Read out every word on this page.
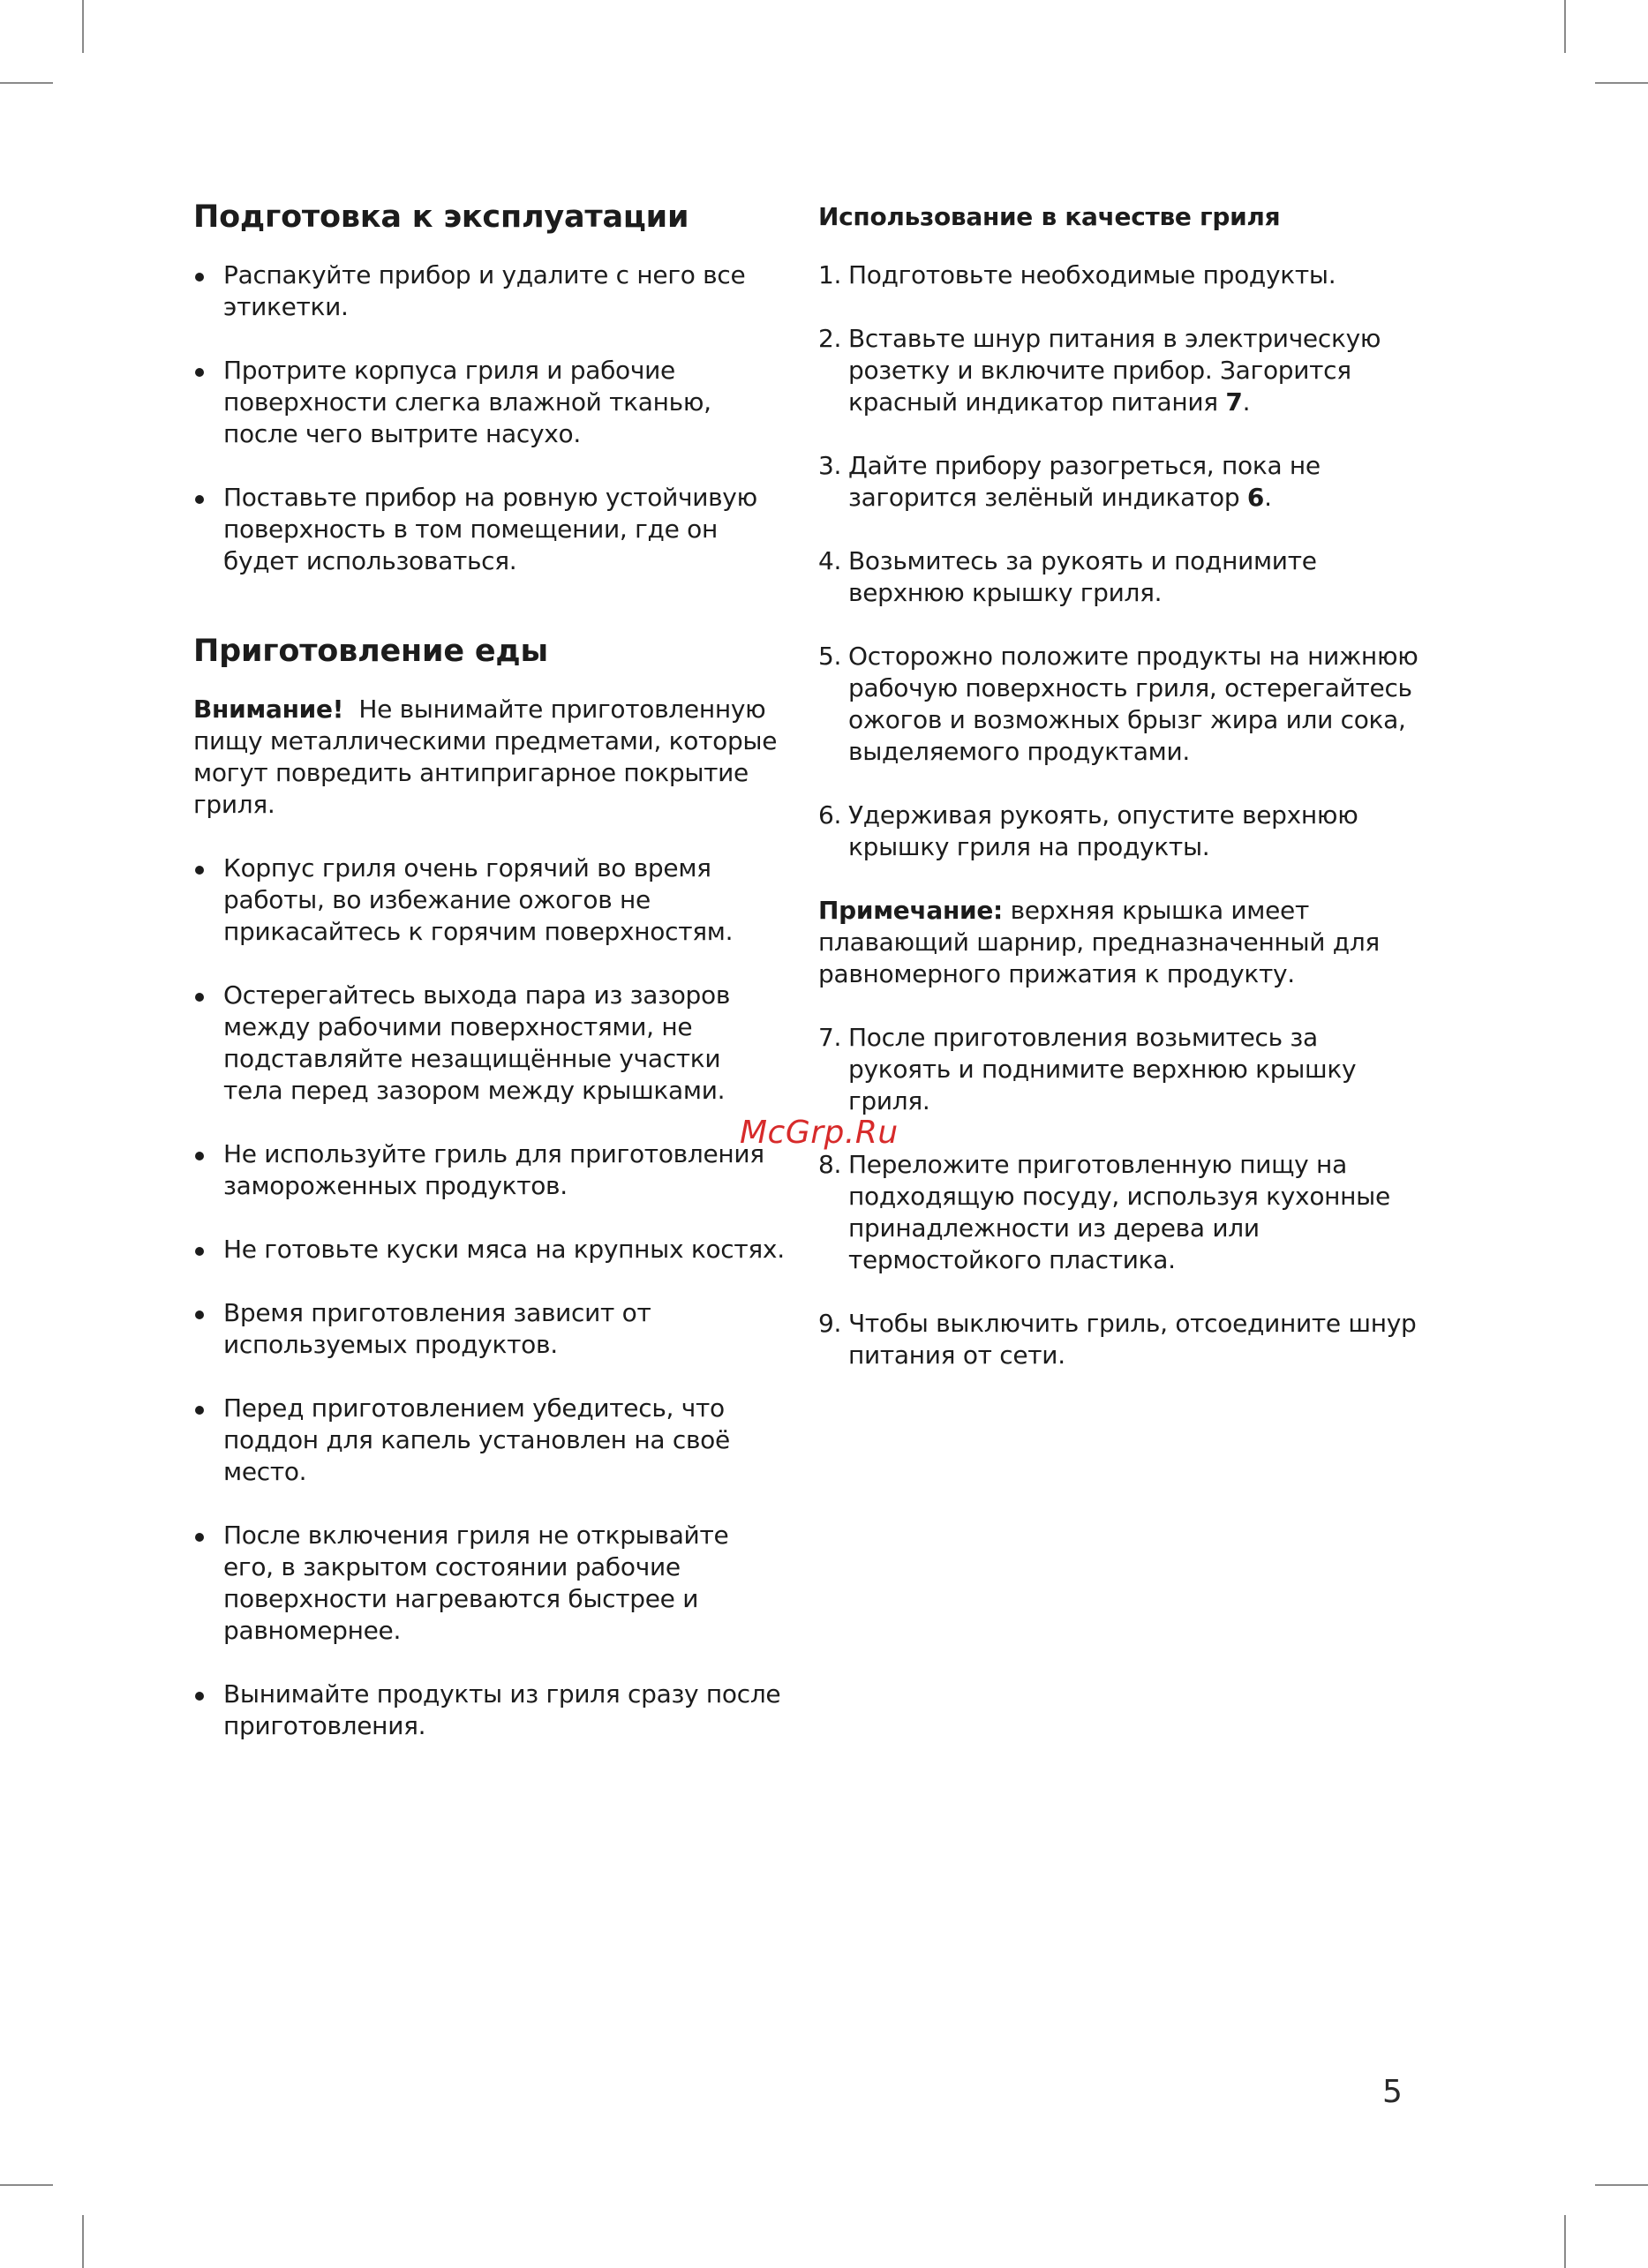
Подготовка к эксплуатации
Распакуйте прибор и удалите с него все этикетки.
Протрите корпуса гриля и рабочие поверхности слегка влажной тканью, после чего вытрите насухо.
Поставьте прибор на ровную устойчивую поверхность в том помещении, где он будет использоваться.
Приготовление еды

Внимание! Не вынимайте приготовленную пищу металлическими предметами, которые могут повредить антипригарное покрытие гриля.

Корпус гриля очень горячий во время работы, во избежание ожогов не прикасайтесь к горячим поверхностям.
Остерегайтесь выхода пара из зазоров между рабочими поверхностями, не подставляйте незащищённые участки тела перед зазором между крышками.
Не используйте гриль для приготовления замороженных продуктов.
Не готовьте куски мяса на крупных костях.
Время приготовления зависит от используемых продуктов.
Перед приготовлением убедитесь, что поддон для капель установлен на своё место.
После включения гриля не открывайте его, в закрытом состоянии рабочие поверхности нагреваются быстрее и равномернее.
Вынимайте продукты из гриля сразу после приготовления.
Использование в качестве гриля
1. Подготовьте необходимые продукты.
2. Вставьте шнур питания в электрическую розетку и включите прибор. Загорится красный индикатор питания 7.
3. Дайте прибору разогреться, пока не загорится зелёный индикатор 6.
4. Возьмитесь за рукоять и поднимите верхнюю крышку гриля.
5. Осторожно положите продукты на нижнюю рабочую поверхность гриля, остерегайтесь ожогов и возможных брызг жира или сока, выделяемого продуктами.
6. Удерживая рукоять, опустите верхнюю крышку гриля на продукты.

Примечание: верхняя крышка имеет плавающий шарнир, предназначенный для равномерного прижатия к продукту.

7. После приготовления возьмитесь за рукоять и поднимите верхнюю крышку гриля.
8. Переложите приготовленную пищу на подходящую посуду, используя кухонные принадлежности из дерева или термостойкого пластика.
9. Чтобы выключить гриль, отсоедините шнур питания от сети.
McGrp.Ru
5
